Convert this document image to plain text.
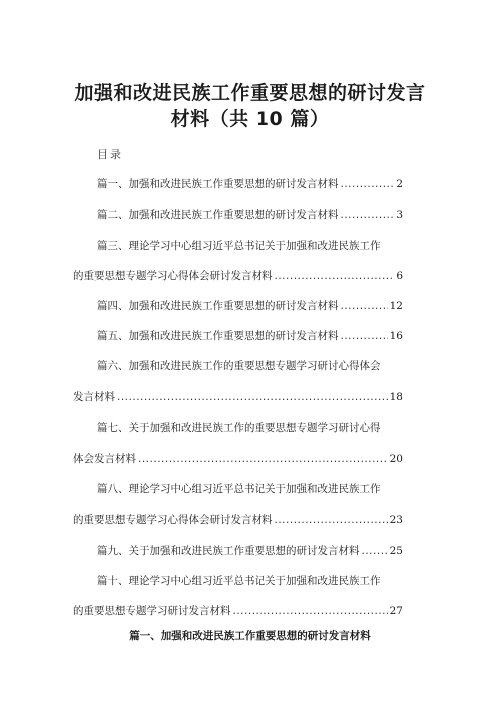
加强和改进民族工作重要思想的研讨发言
材料（共 10 篇）
目录
篇一、加强和改进民族工作重要思想的研讨发言材料 .....	2
篇二、加强和改进民族工作重要思想的研讨发言材料 .....	3
篇三、理论学习中心组习近平总书记关于加强和改进民族工作
的重要思想专题学习心得体会研讨发言材料 .....	6
篇四、加强和改进民族工作重要思想的研讨发言材料 .....	12
篇五、加强和改进民族工作重要思想的研讨发言材料 .....	16
篇六、加强和改进民族工作的重要思想专题学习研讨心得体会
发言材料 .....	18
篇七、关于加强和改进民族工作的重要思想专题学习研讨心得
体会发言材料 .....	20
篇八、理论学习中心组习近平总书记关于加强和改进民族工作
的重要思想专题学习心得体会研讨发言材料 .....	23
篇九、关于加强和改进民族工作重要思想的研讨发言材料 .....	25
篇十、理论学习中心组习近平总书记关于加强和改进民族工作
的重要思想专题学习研讨发言材料 .....	27
篇一、加强和改进民族工作重要思想的研讨发言材料
